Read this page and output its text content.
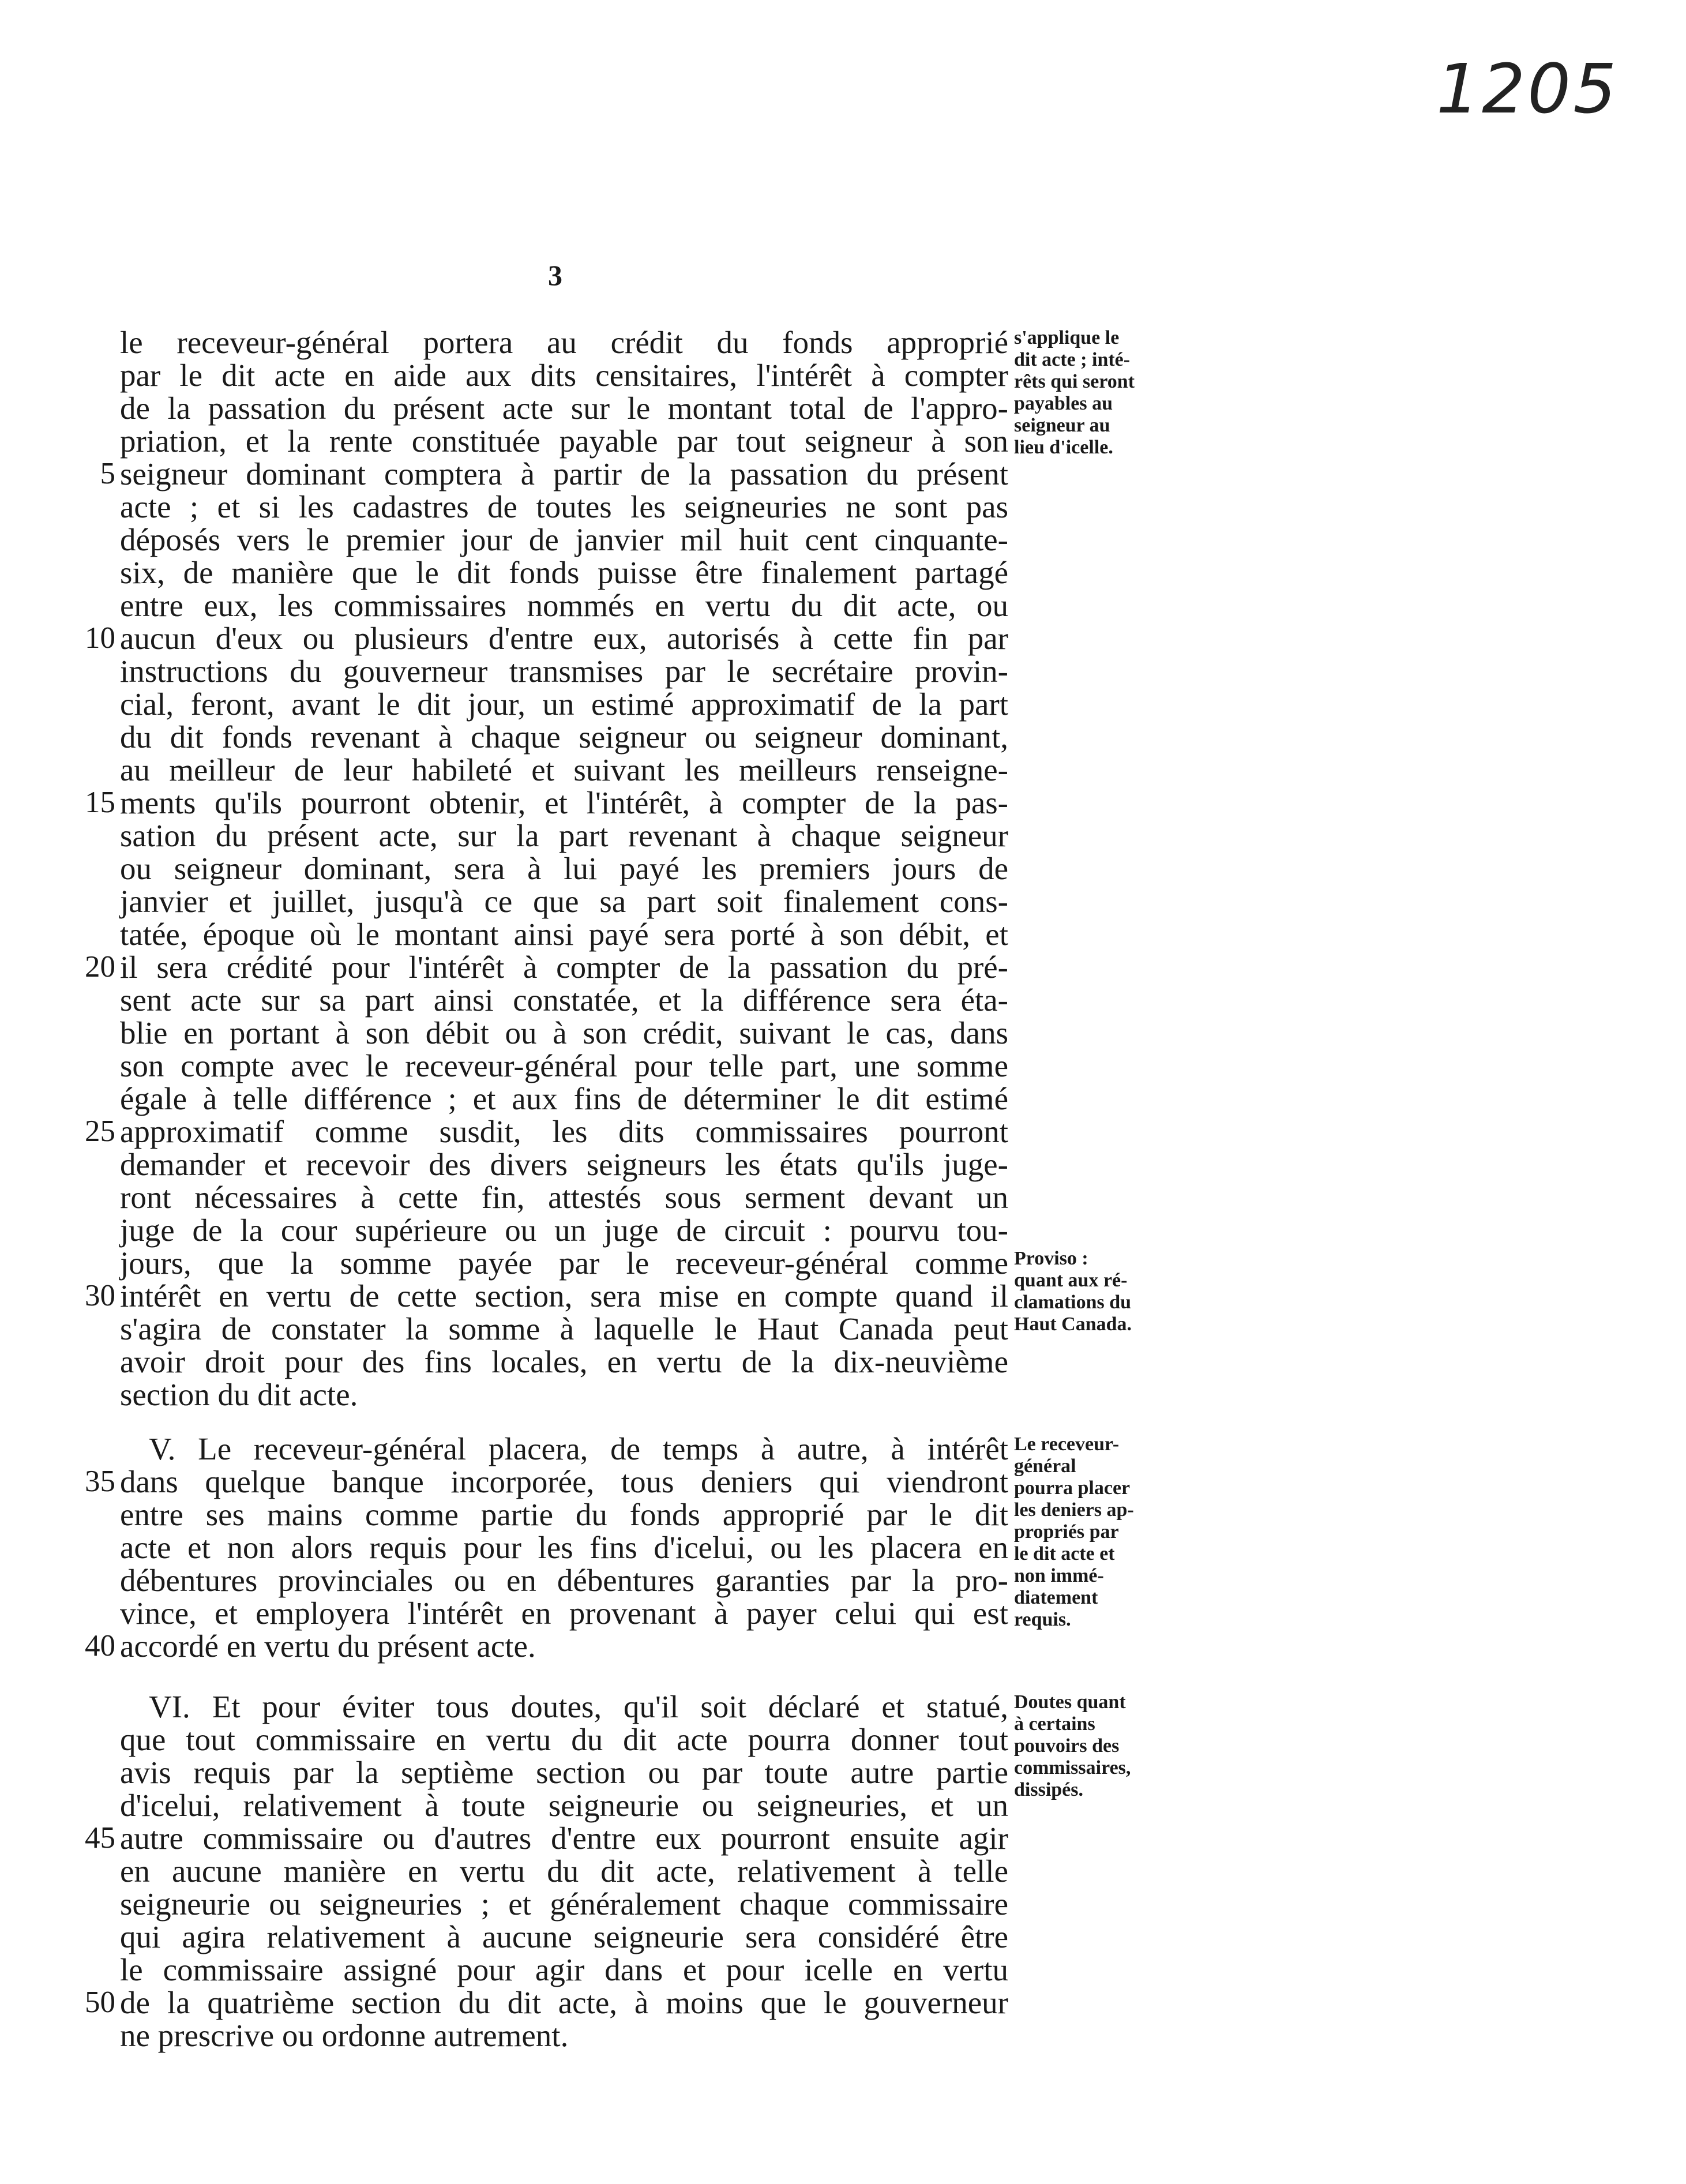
1205
3
le receveur-général portera au crédit du fonds approprié
par le dit acte en aide aux dits censitaires, l'intérêt à compter
de la passation du présent acte sur le montant total de l'appro-
priation, et la rente constituée payable par tout seigneur à son
seigneur dominant comptera à partir de la passation du présent
5
acte ; et si les cadastres de toutes les seigneuries ne sont pas
déposés vers le premier jour de janvier mil huit cent cinquante-
six, de manière que le dit fonds puisse être finalement partagé
entre eux, les commissaires nommés en vertu du dit acte, ou
aucun d'eux ou plusieurs d'entre eux, autorisés à cette fin par
10
instructions du gouverneur transmises par le secrétaire provin-
cial, feront, avant le dit jour, un estimé approximatif de la part
du dit fonds revenant à chaque seigneur ou seigneur dominant,
au meilleur de leur habileté et suivant les meilleurs renseigne-
ments qu'ils pourront obtenir, et l'intérêt, à compter de la pas-
15
sation du présent acte, sur la part revenant à chaque seigneur
ou seigneur dominant, sera à lui payé les premiers jours de
janvier et juillet, jusqu'à ce que sa part soit finalement cons-
tatée, époque où le montant ainsi payé sera porté à son débit, et
il sera crédité pour l'intérêt à compter de la passation du pré-
20
sent acte sur sa part ainsi constatée, et la différence sera éta-
blie en portant à son débit ou à son crédit, suivant le cas, dans
son compte avec le receveur-général pour telle part, une somme
égale à telle différence ; et aux fins de déterminer le dit estimé
approximatif comme susdit, les dits commissaires pourront
25
demander et recevoir des divers seigneurs les états qu'ils juge-
ront nécessaires à cette fin, attestés sous serment devant un
juge de la cour supérieure ou un juge de circuit : pourvu tou-
jours, que la somme payée par le receveur-général comme
intérêt en vertu de cette section, sera mise en compte quand il
30
s'agira de constater la somme à laquelle le Haut Canada peut
avoir droit pour des fins locales, en vertu de la dix-neuvième
section du dit acte.
s'applique le
dit acte ; inté-
rêts qui seront
payables au
seigneur au
lieu d'icelle.
Proviso :
quant aux ré-
clamations du
Haut Canada.
V. Le receveur-général placera, de temps à autre, à intérêt
dans quelque banque incorporée, tous deniers qui viendront
35
entre ses mains comme partie du fonds approprié par le dit
acte et non alors requis pour les fins d'icelui, ou les placera en
débentures provinciales ou en débentures garanties par la pro-
vince, et employera l'intérêt en provenant à payer celui qui est
accordé en vertu du présent acte.
40
Le receveur-
général
pourra placer
les deniers ap-
propriés par
le dit acte et
non immé-
diatement
requis.
VI. Et pour éviter tous doutes, qu'il soit déclaré et statué,
que tout commissaire en vertu du dit acte pourra donner tout
avis requis par la septième section ou par toute autre partie
d'icelui, relativement à toute seigneurie ou seigneuries, et un
autre commissaire ou d'autres d'entre eux pourront ensuite agir
45
en aucune manière en vertu du dit acte, relativement à telle
seigneurie ou seigneuries ; et généralement chaque commissaire
qui agira relativement à aucune seigneurie sera considéré être
le commissaire assigné pour agir dans et pour icelle en vertu
de la quatrième section du dit acte, à moins que le gouverneur
50
ne prescrive ou ordonne autrement.
Doutes quant
à certains
pouvoirs des
commissaires,
dissipés.
